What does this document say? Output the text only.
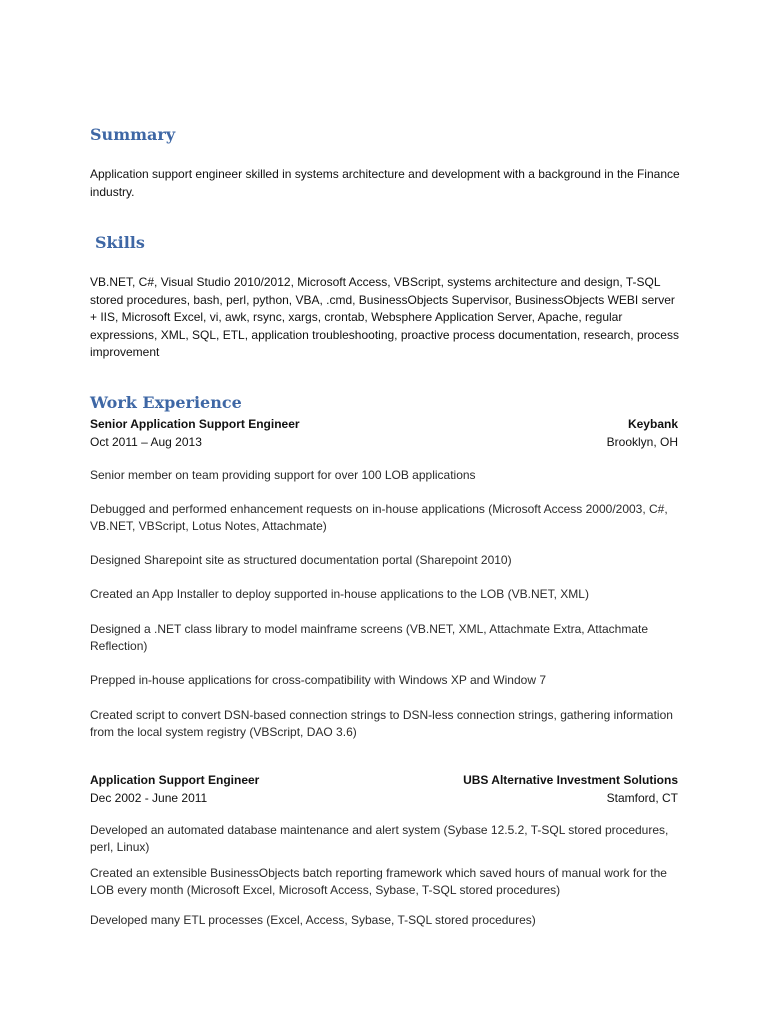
Summary

Application support engineer skilled in systems architecture and development with a background in the Finance industry.

Skills

VB.NET, C#, Visual Studio 2010/2012, Microsoft Access, VBScript, systems architecture and design, T-SQL stored procedures, bash, perl, python, VBA, .cmd, BusinessObjects Supervisor, BusinessObjects WEBI server + IIS, Microsoft Excel, vi, awk, rsync, xargs, crontab, Websphere Application Server, Apache, regular expressions, XML, SQL, ETL, application troubleshooting, proactive process documentation, research, process improvement

Work Experience
Senior Application Support Engineer	Keybank
Oct 2011 – Aug 2013	Brooklyn, OH

Senior member on team providing support for over 100 LOB applications

Debugged and performed enhancement requests on in-house applications (Microsoft Access 2000/2003, C#, VB.NET, VBScript, Lotus Notes, Attachmate)

Designed Sharepoint site as structured documentation portal (Sharepoint 2010)

Created an App Installer to deploy supported in-house applications to the LOB (VB.NET, XML)

Designed a .NET class library to model mainframe screens (VB.NET, XML, Attachmate Extra, Attachmate Reflection)

Prepped in-house applications for cross-compatibility with Windows XP and Window 7

Created script to convert DSN-based connection strings to DSN-less connection strings, gathering information from the local system registry (VBScript, DAO 3.6)

Application Support Engineer	UBS Alternative Investment Solutions
Dec 2002 - June 2011	Stamford, CT

Developed an automated database maintenance and alert system (Sybase 12.5.2, T-SQL stored procedures, perl, Linux)

Created an extensible BusinessObjects batch reporting framework which saved hours of manual work for the LOB every month (Microsoft Excel, Microsoft Access, Sybase, T-SQL stored procedures)

Developed many ETL processes (Excel, Access, Sybase, T-SQL stored procedures)
